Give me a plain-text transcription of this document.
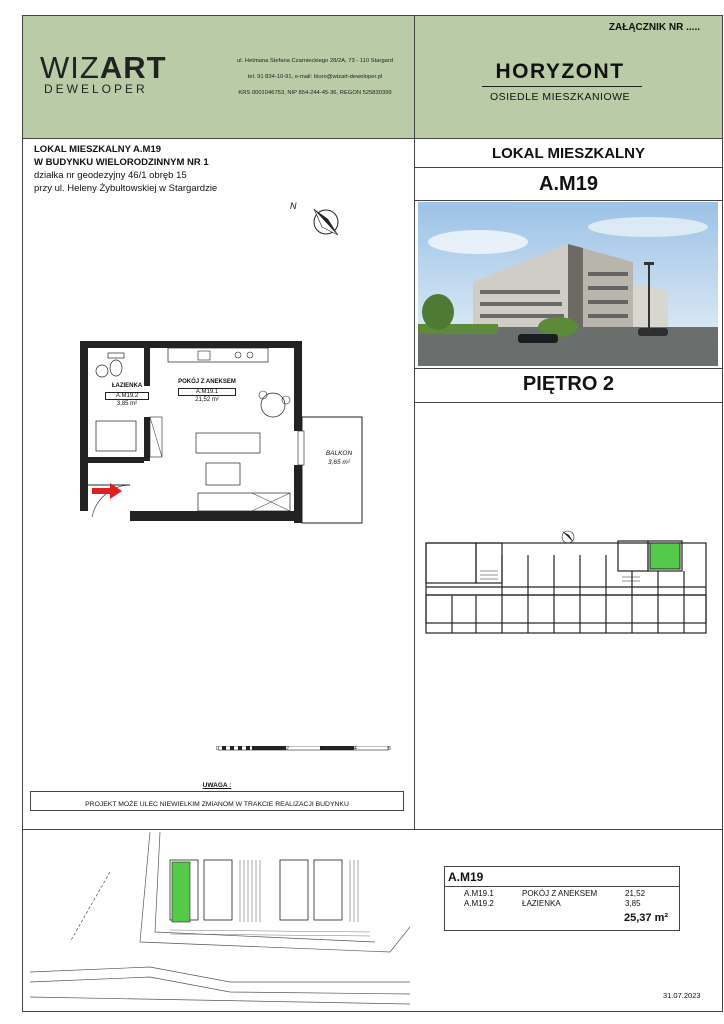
WIZART
DEWELOPER
ul. Hetmana Stefana Czarnieckiego 28/2A, 73 - 110 Stargard
tel. 91 834-10-91, e-mail: biuro@wizart-deweloper.pl
KRS 0001046753, NIP 854-244-45-36, REGON 525830399
ZAŁĄCZNIK NR .....
HORYZONT
OSIEDLE MIESZKANIOWE
LOKAL MIESZKALNY A.M19
W BUDYNKU WIELORODZINNYM NR 1
działka nr geodezyjny 46/1 obręb 15
przy ul. Heleny Żybułtowskiej w Stargardzie
LOKAL MIESZKALNY
A.M19
PIĘTRO 2
N
ŁAZIENKA
A.M19.2
3,85 m²
POKÓJ Z ANEKSEM
A.M19.1
21,52 m²
BALKON
3,65 m²
0	1	2	3	4	5
UWAGA :
PROJEKT MOŻE ULEC NIEWIELKIM ZMIANOM W TRAKCIE REALIZACJI BUDYNKU
A.M19
A.M19.1	POKÓJ Z ANEKSEM	21,52
A.M19.2	ŁAZIENKA	3,85
25,37 m²
31.07.2023
